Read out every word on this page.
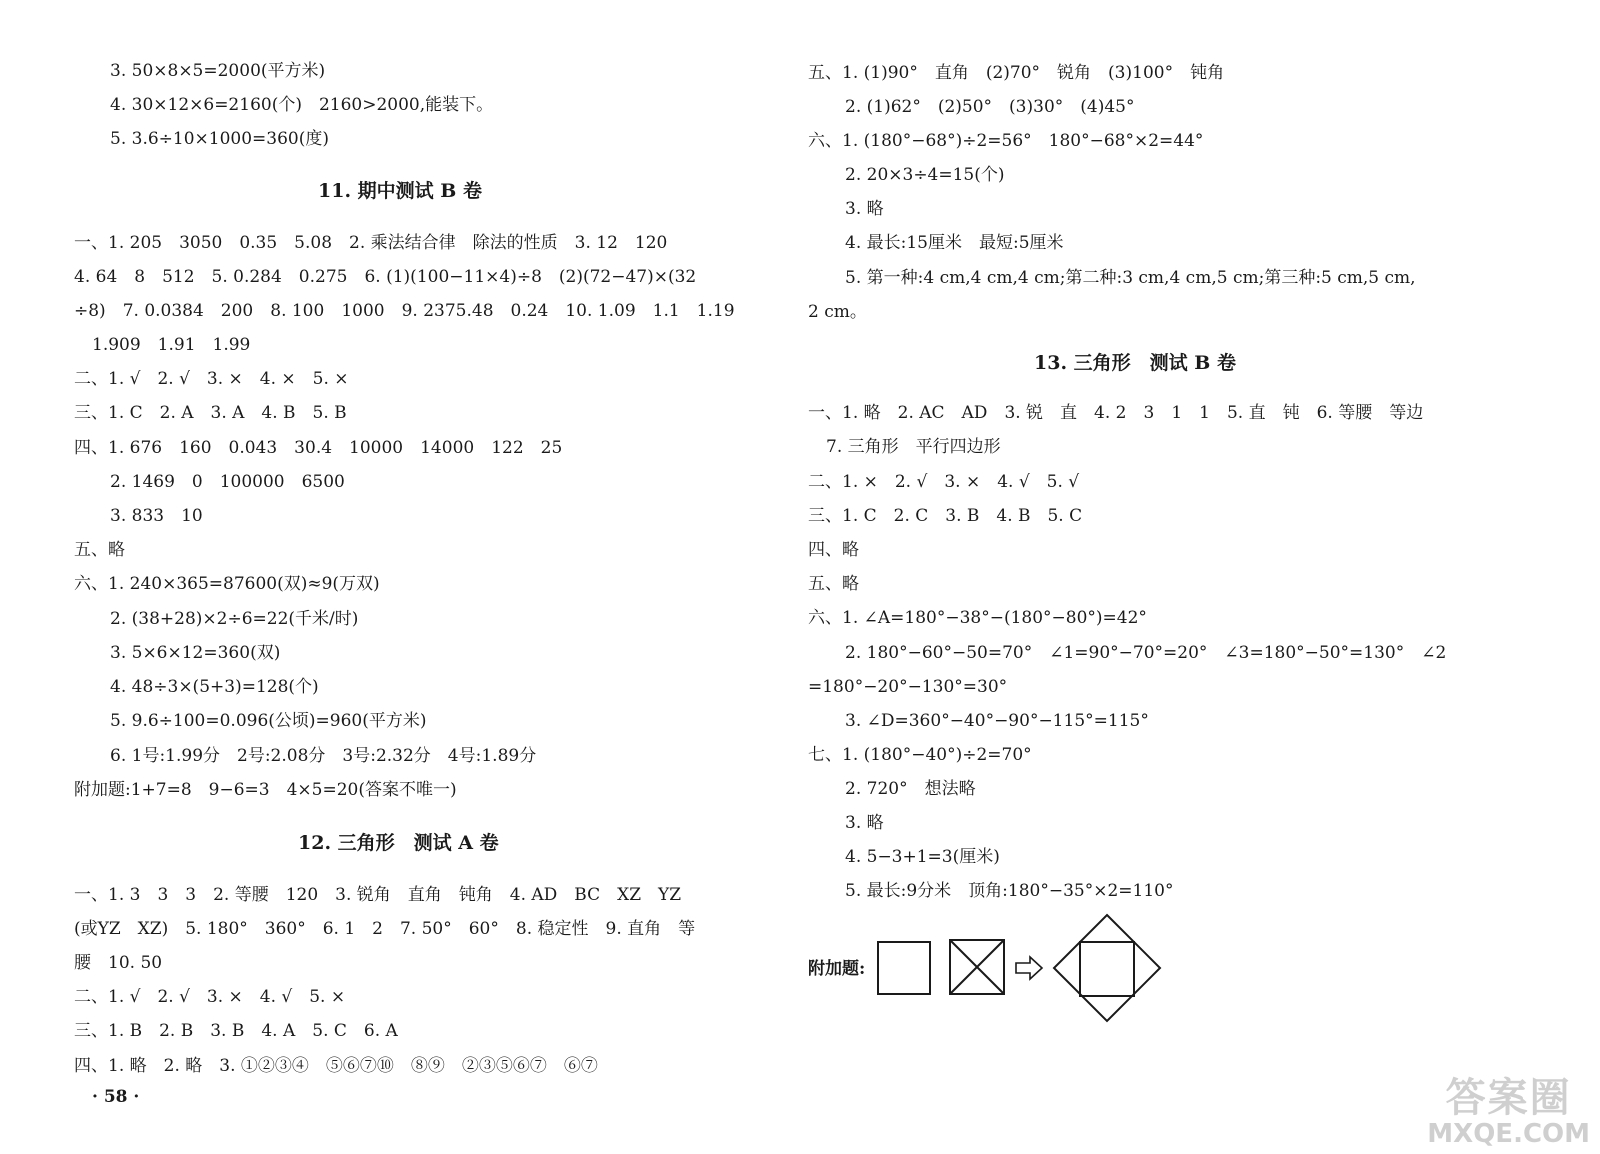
3. 50×8×5=2000(平方米)
4. 30×12×6=2160(个)　2160>2000,能装下。
5. 3.6÷10×1000=360(度)
11. 期中测试 B 卷
一、1. 205　3050　0.35　5.08　2. 乘法结合律　除法的性质　3. 12　120
4. 64　8　512　5. 0.284　0.275　6. (1)(100−11×4)÷8　(2)(72−47)×(32
÷8)　7. 0.0384　200　8. 100　1000　9. 2375.48　0.24　10. 1.09　1.1　1.19
1.909　1.91　1.99
二、1. √　2. √　3. ×　4. ×　5. ×
三、1. C　2. A　3. A　4. B　5. B
四、1. 676　160　0.043　30.4　10000　14000　122　25
2. 1469　0　100000　6500
3. 833　10
五、略
六、1. 240×365=87600(双)≈9(万双)
2. (38+28)×2÷6=22(千米/时)
3. 5×6×12=360(双)
4. 48÷3×(5+3)=128(个)
5. 9.6÷100=0.096(公顷)=960(平方米)
6. 1号:1.99分　2号:2.08分　3号:2.32分　4号:1.89分
附加题:1+7=8　9−6=3　4×5=20(答案不唯一)
12. 三角形　测试 A 卷
一、1. 3　3　3　2. 等腰　120　3. 锐角　直角　钝角　4. AD　BC　XZ　YZ
(或YZ　XZ)　5. 180°　360°　6. 1　2　7. 50°　60°　8. 稳定性　9. 直角　等
腰　10. 50
二、1. √　2. √　3. ×　4. √　5. ×
三、1. B　2. B　3. B　4. A　5. C　6. A
四、1. 略　2. 略　3. ①②③④　⑤⑥⑦⑩　⑧⑨　②③⑤⑥⑦　⑥⑦
· 58 ·
五、1. (1)90°　直角　(2)70°　锐角　(3)100°　钝角
2. (1)62°　(2)50°　(3)30°　(4)45°
六、1. (180°−68°)÷2=56°　180°−68°×2=44°
2. 20×3÷4=15(个)
3. 略
4. 最长:15厘米　最短:5厘米
5. 第一种:4 cm,4 cm,4 cm;第二种:3 cm,4 cm,5 cm;第三种:5 cm,5 cm,
2 cm。
13. 三角形　测试 B 卷
一、1. 略　2. AC　AD　3. 锐　直　4. 2　3　1　1　5. 直　钝　6. 等腰　等边
7. 三角形　平行四边形
二、1. ×　2. √　3. ×　4. √　5. √
三、1. C　2. C　3. B　4. B　5. C
四、略
五、略
六、1. ∠A=180°−38°−(180°−80°)=42°
2. 180°−60°−50=70°　∠1=90°−70°=20°　∠3=180°−50°=130°　∠2
=180°−20°−130°=30°
3. ∠D=360°−40°−90°−115°=115°
七、1. (180°−40°)÷2=70°
2. 720°　想法略
3. 略
4. 5−3+1=3(厘米)
5. 最长:9分米　顶角:180°−35°×2=110°
附加题:
答案圈
MXQE.COM
